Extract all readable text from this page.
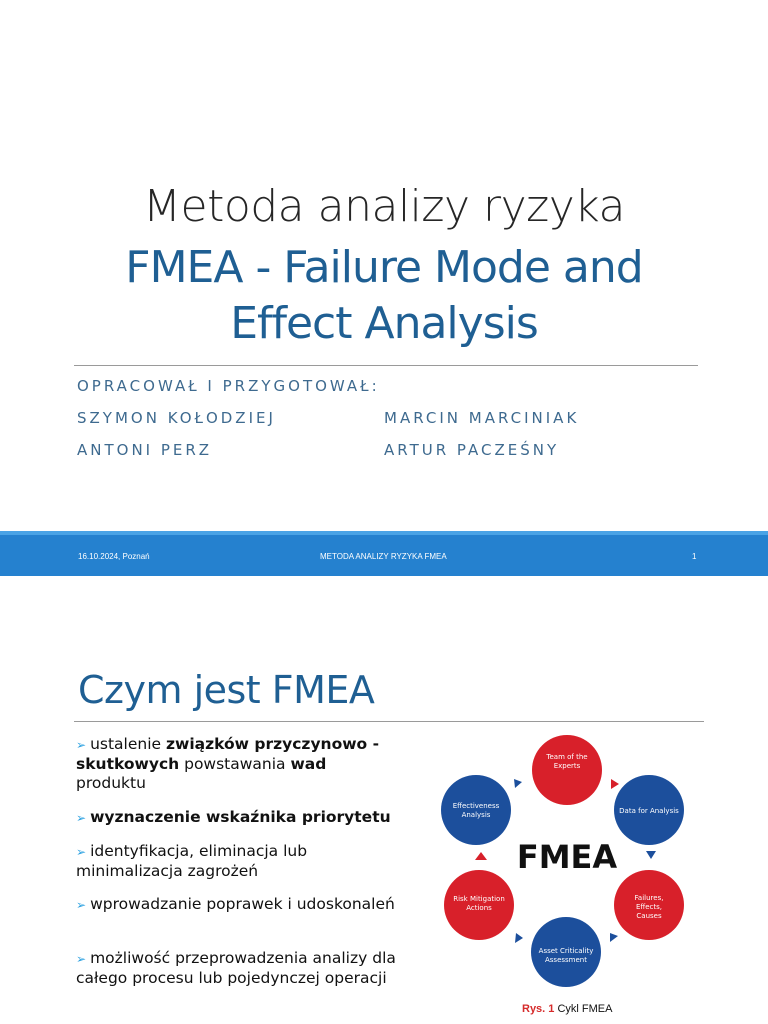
Metoda analizy ryzyka
FMEA - Failure Mode and
Effect Analysis
OPRACOWAŁ I PRZYGOTOWAŁ:
SZYMON KOŁODZIEJ	MARCIN MARCINIAK
ANTONI PERZ	ARTUR PACZEŚNY
16.10.2024, Poznań	METODA ANALIZY RYZYKA FMEA	1
Czym jest FMEA
➢ ustalenie związków przyczynowo - skutkowych powstawania wad produktu
➢ wyznaczenie wskaźnika priorytetu
➢ identyfikacja, eliminacja lub minimalizacja zagrożeń
➢ wprowadzanie poprawek i udoskonaleń
➢ możliwość przeprowadzenia analizy dla całego procesu lub pojedynczej operacji
Team of the
Experts
Data for Analysis
Failures,
Effects,
Causes
Asset Criticality
Assessment
Risk Mitigation
Actions
Effectiveness
Analysis
FMEA
Rys. 1 Cykl FMEA
